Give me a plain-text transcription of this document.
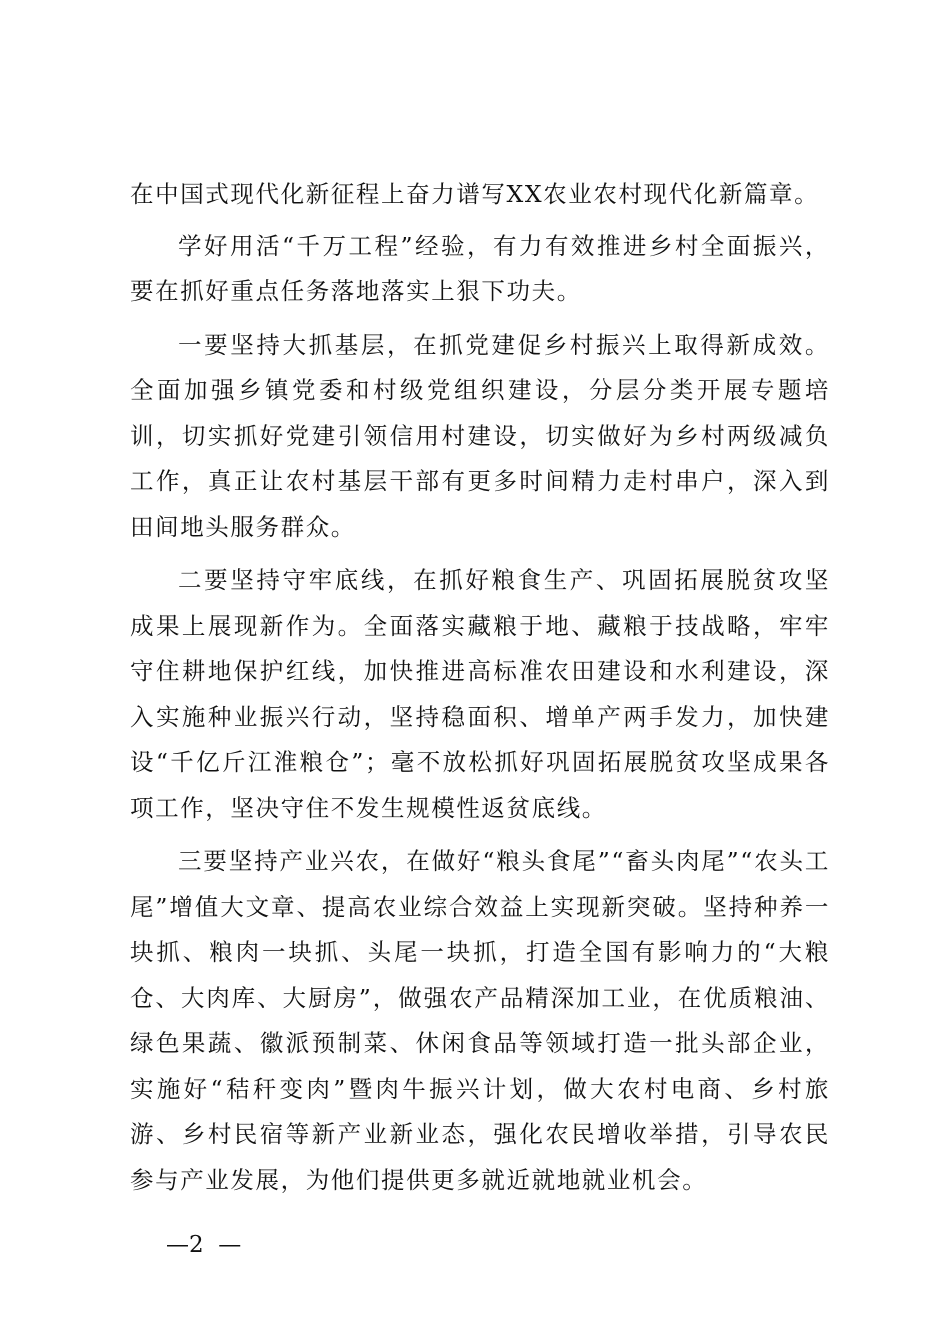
在中国式现代化新征程上奋力谱写XX农业农村现代化新篇章。

学好用活“千万工程”经验，有力有效推进乡村全面振兴，要在抓好重点任务落地落实上狠下功夫。

一要坚持大抓基层，在抓党建促乡村振兴上取得新成效。全面加强乡镇党委和村级党组织建设，分层分类开展专题培训，切实抓好党建引领信用村建设，切实做好为乡村两级减负工作，真正让农村基层干部有更多时间精力走村串户，深入到田间地头服务群众。

二要坚持守牢底线，在抓好粮食生产、巩固拓展脱贫攻坚成果上展现新作为。全面落实藏粮于地、藏粮于技战略，牢牢守住耕地保护红线，加快推进高标准农田建设和水利建设，深入实施种业振兴行动，坚持稳面积、增单产两手发力，加快建设“千亿斤江淮粮仓”；毫不放松抓好巩固拓展脱贫攻坚成果各项工作，坚决守住不发生规模性返贫底线。

三要坚持产业兴农，在做好“粮头食尾”“畜头肉尾”“农头工尾”增值大文章、提高农业综合效益上实现新突破。坚持种养一块抓、粮肉一块抓、头尾一块抓，打造全国有影响力的“大粮仓、大肉库、大厨房”，做强农产品精深加工业，在优质粮油、绿色果蔬、徽派预制菜、休闲食品等领域打造一批头部企业，实施好“秸秆变肉”暨肉牛振兴计划，做大农村电商、乡村旅游、乡村民宿等新产业新业态，强化农民增收举措，引导农民参与产业发展，为他们提供更多就近就地就业机会。

—2  —
